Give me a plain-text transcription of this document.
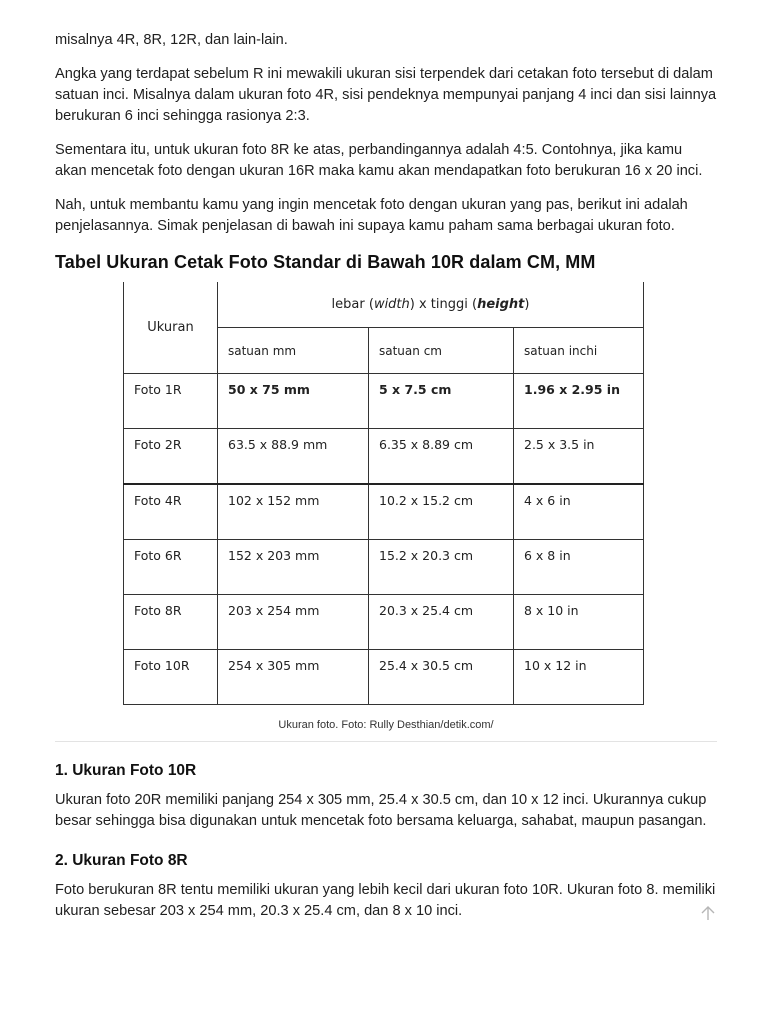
misalnya 4R, 8R, 12R, dan lain-lain.

Angka yang terdapat sebelum R ini mewakili ukuran sisi terpendek dari cetakan foto tersebut di dalam satuan inci. Misalnya dalam ukuran foto 4R, sisi pendeknya mempunyai panjang 4 inci dan sisi lainnya berukuran 6 inci sehingga rasionya 2:3.

Sementara itu, untuk ukuran foto 8R ke atas, perbandingannya adalah 4:5. Contohnya, jika kamu akan mencetak foto dengan ukuran 16R maka kamu akan mendapatkan foto berukuran 16 x 20 inci.

Nah, untuk membantu kamu yang ingin mencetak foto dengan ukuran yang pas, berikut ini adalah penjelasannya. Simak penjelasan di bawah ini supaya kamu paham sama berbagai ukuran foto.

Tabel Ukuran Cetak Foto Standar di Bawah 10R dalam CM, MM
Ukuran	lebar (width) x tinggi (height)		
	satuan mm	satuan cm	satuan inchi
Foto 1R	50 x 75 mm	5 x 7.5 cm	1.96 x 2.95 in
Foto 2R	63.5 x 88.9 mm	6.35 x 8.89 cm	2.5 x 3.5 in
Foto 4R	102 x 152 mm	10.2 x 15.2 cm	4 x 6 in
Foto 6R	152 x 203 mm	15.2 x 20.3 cm	6 x 8 in
Foto 8R	203 x 254 mm	20.3 x 25.4 cm	8 x 10 in
Foto 10R	254 x 305 mm	25.4 x 30.5 cm	10 x 12 in
Ukuran foto. Foto: Rully Desthian/detik.com/
1. Ukuran Foto 10R

Ukuran foto 20R memiliki panjang 254 x 305 mm, 25.4 x 30.5 cm, dan 10 x 12 inci. Ukurannya cukup besar sehingga bisa digunakan untuk mencetak foto bersama keluarga, sahabat, maupun pasangan.

2. Ukuran Foto 8R

Foto berukuran 8R tentu memiliki ukuran yang lebih kecil dari ukuran foto 10R. Ukuran foto 8. memiliki ukuran sebesar 203 x 254 mm, 20.3 x 25.4 cm, dan 8 x 10 inci.
